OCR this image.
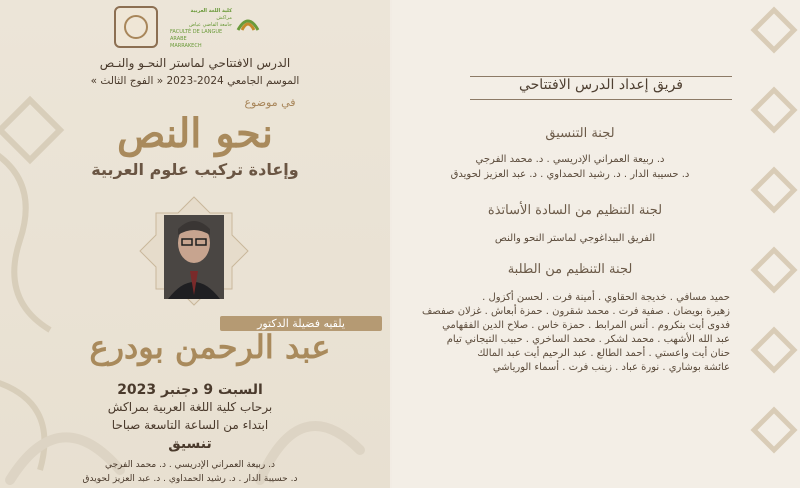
كلية اللغة العربية
مراكش
جامعة القاضي عياض
FACULTÉ DE LANGUE ARABE
MARRAKECH
الدرس الافتتاحي لماستر النحـو والنـص
الموسم الجامعي 2024-2023 « الفوج الثالث »
في موضوع
نحو النص
وإعادة تركيب علوم العربية
يلقيه فضيلة الدكتور
عبد الرحمن بودرع
السبت 9 دجنبر 2023
برحاب كلية اللغة العربية بمراكش
ابتداء من الساعة التاسعة صباحا
تنسيق
د. ربيعة العمراني الإدريسي . د. محمد الفرجي
د. حسيبة الدار . د. رشيد الحمداوي . د. عبد العزيز لحويدق
فريق إعداد الدرس الافتتاحي
لجنة التنسيق
د. ربيعة العمراني الإدريسي . د. محمد الفرجي
د. حسيبة الدار . د. رشيد الحمداوي . د. عبد العزيز لحويدق
لجنة التنظيم من السادة الأساتذة
الفريق البيداغوجي لماستر النحو والنص
لجنة التنظيم من الطلبة
حميد مسافي . خديجة الحقاوي . أمينة فرت . لحسن أكزول .
زهيرة بويضان . صفية فرت . محمد شقرون . حمزة أبعاش . غزلان صفصف
فدوى أيت بنكروم . أنس المرابط . حمزة خاس . صلاح الدين الفقهامي
عبد الله الأشهب . محمد لشكر . محمد الساخري . حبيب التيجاني تيام
حنان أيت واعستي . أحمد الطالع . عبد الرحيم أيت عبد المالك
عائشة بوشاري . نورة عباد . زينب فرت . أسماء الورياشي
